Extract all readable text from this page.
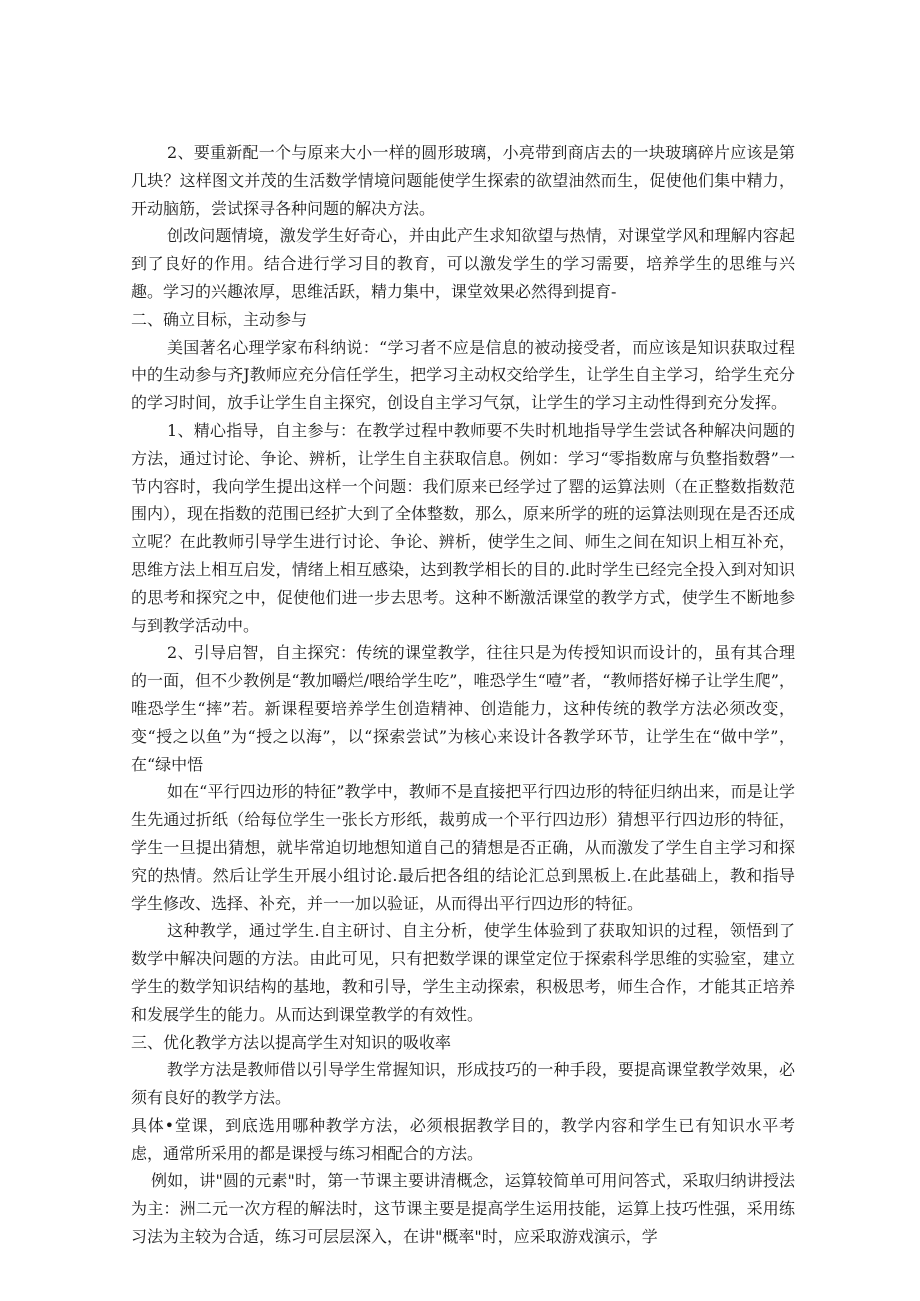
2、要重新配一个与原来大小一样的圆形玻璃，小亮带到商店去的一块玻璃碎片应该是第几块？这样图文并茂的生活数学情境问题能使学生探索的欲望油然而生，促使他们集中精力，开动脑筋，尝试探寻各种问题的解决方法。

创改问题情境，激发学生好奇心，并由此产生求知欲望与热情，对课堂学风和理解内容起到了良好的作用。结合进行学习目的教育，可以激发学生的学习需要，培养学生的思维与兴趣。学习的兴趣浓厚，思维活跃，精力集中，课堂效果必然得到提育-

二、确立目标，主动参与

美国著名心理学家布科纳说：“学习者不应是信息的被动接受者，而应该是知识获取过程中的生动参与齐J教师应充分信任学生，把学习主动权交给学生，让学生自主学习，给学生充分的学习时间，放手让学生自主探究，创设自主学习气氛，让学生的学习主动性得到充分发挥。

1、精心指导，自主参与：在教学过程中教师要不失时机地指导学生尝试各种解决问题的方法，通过讨论、争论、辨析，让学生自主获取信息。例如：学习“零指数席与负整指数磬”一节内容时，我向学生提出这样一个问题：我们原来已经学过了罂的运算法则（在正整数指数范围内），现在指数的范围已经扩大到了全体整数，那么，原来所学的班的运算法则现在是否还成立呢？在此教师引导学生进行讨论、争论、辨析，使学生之间、师生之间在知识上相互补充，思维方法上相互启发，情绪上相互感染，达到教学相长的目的.此时学生已经完全投入到对知识的思考和探究之中，促使他们进一步去思考。这种不断激活课堂的教学方式，使学生不断地参与到教学活动中。

2、引导启智，自主探究：传统的课堂教学，往往只是为传授知识而设计的，虽有其合理的一面，但不少教例是“教加嚼烂/喂给学生吃”，唯恐学生“噎”者，“教师搭好梯子让学生爬”，唯恐学生“摔”若。新课程要培养学生创造精神、创造能力，这种传统的教学方法必须改变，变“授之以鱼”为“授之以海”，以“探索尝试”为核心来设计各教学环节，让学生在“做中学”，在“绿中悟

如在“平行四边形的特征”教学中，教师不是直接把平行四边形的特征归纳出来，而是让学生先通过折纸（给每位学生一张长方形纸，裁剪成一个平行四边形）猜想平行四边形的特征，学生一旦提出猜想，就毕常迫切地想知道自己的猜想是否正确，从而激发了学生自主学习和探究的热情。然后让学生开展小组讨论.最后把各组的结论汇总到黑板上.在此基础上，教和指导学生修改、选择、补充，并一一加以验证，从而得出平行四边形的特征。

这种教学，通过学生.自主研讨、自主分析，使学生体验到了获取知识的过程，领悟到了数学中解决问题的方法。由此可见，只有把数学课的课堂定位于探索科学思维的实验室，建立学生的数学知识结构的基地，教和引导，学生主动探索，积极思考，师生合作，才能其正培养和发展学生的能力。从而达到课堂教学的有效性。

三、优化教学方法以提高学生对知识的吸收率

教学方法是教师借以引导学生常握知识，形成技巧的一种手段，要提高课堂教学效果，必须有良好的教学方法。

具体•堂课，到底选用哪种教学方法，必须根据教学目的，教学内容和学生已有知识水平考虑，通常所采用的都是课授与练习相配合的方法。

例如，讲"圆的元素"时，第一节课主要讲清概念，运算较简单可用问答式，采取归纳讲授法为主：洲二元一次方程的解法时，这节课主要是提高学生运用技能，运算上技巧性强，采用练习法为主较为合适，练习可层层深入，在讲"概率"时，应采取游戏演示，学
